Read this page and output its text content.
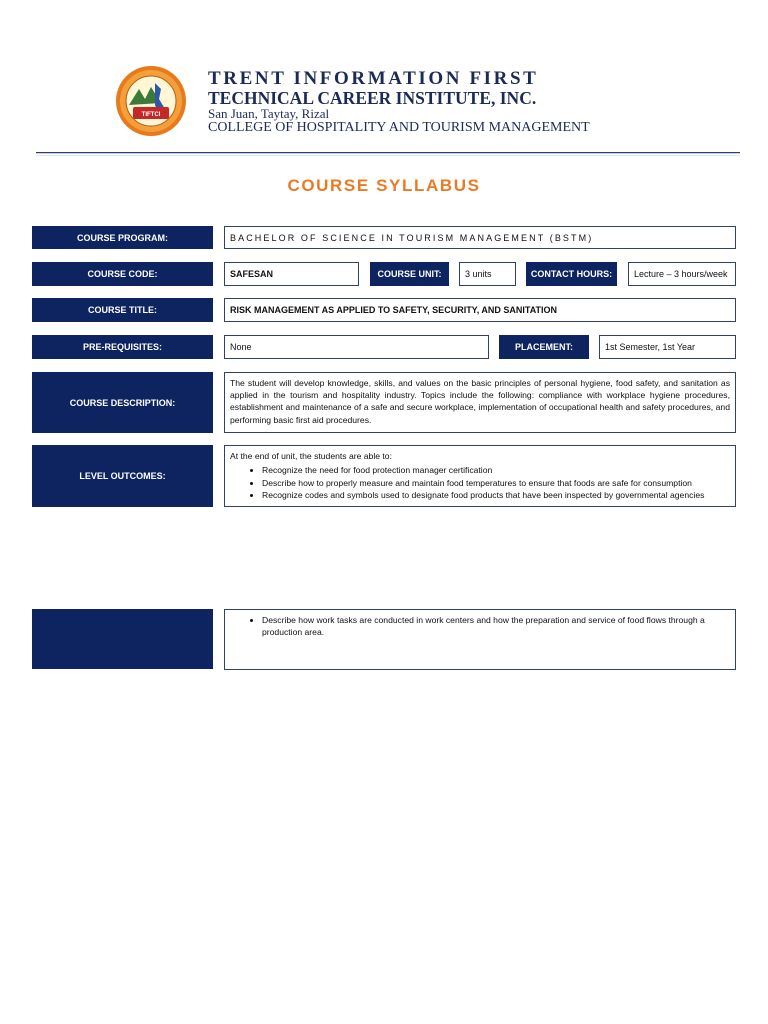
TIFTCI
TRENT INFORMATION FIRST
TECHNICAL CAREER INSTITUTE, INC.
San Juan, Taytay, Rizal
COLLEGE OF HOSPITALITY AND TOURISM MANAGEMENT
COURSE SYLLABUS
COURSE PROGRAM:	BACHELOR OF SCIENCE IN TOURISM MANAGEMENT (BSTM)
COURSE CODE:	SAFESAN	COURSE UNIT:	3 units	CONTACT HOURS:	Lecture – 3 hours/week
COURSE TITLE:	RISK MANAGEMENT AS APPLIED TO SAFETY, SECURITY, AND SANITATION
PRE-REQUISITES:	None	PLACEMENT:	1st Semester, 1st Year
COURSE DESCRIPTION:
The student will develop knowledge, skills, and values on the basic principles of personal hygiene, food safety, and sanitation as applied in the tourism and hospitality industry. Topics include the following: compliance with workplace hygiene procedures, establishment and maintenance of a safe and secure workplace, implementation of occupational health and safety procedures, and performing basic first aid procedures.
LEVEL OUTCOMES:
At the end of unit, the students are able to:
• Recognize the need for food protection manager certification
• Describe how to properly measure and maintain food temperatures to ensure that foods are safe for consumption
• Recognize codes and symbols used to designate food products that have been inspected by governmental agencies
• Describe how work tasks are conducted in work centers and how the preparation and service of food flows through a production area.
